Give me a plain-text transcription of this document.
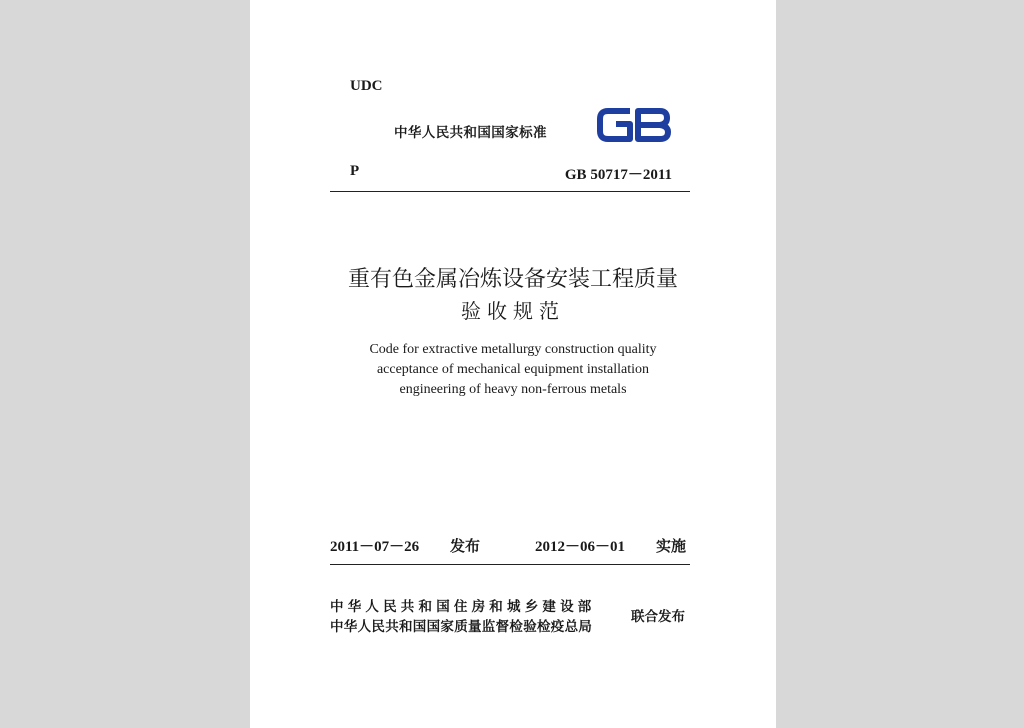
UDC
中华人民共和国国家标准
P	GB 50717－2011
重有色金属冶炼设备安装工程质量
验收规范
Code for extractive metallurgy construction quality
acceptance of mechanical equipment installation
engineering of heavy non-ferrous metals
2011－07－26 发布	2012－06－01 实施
中华人民共和国住房和城乡建设部
中华人民共和国国家质量监督检验检疫总局
联合发布
